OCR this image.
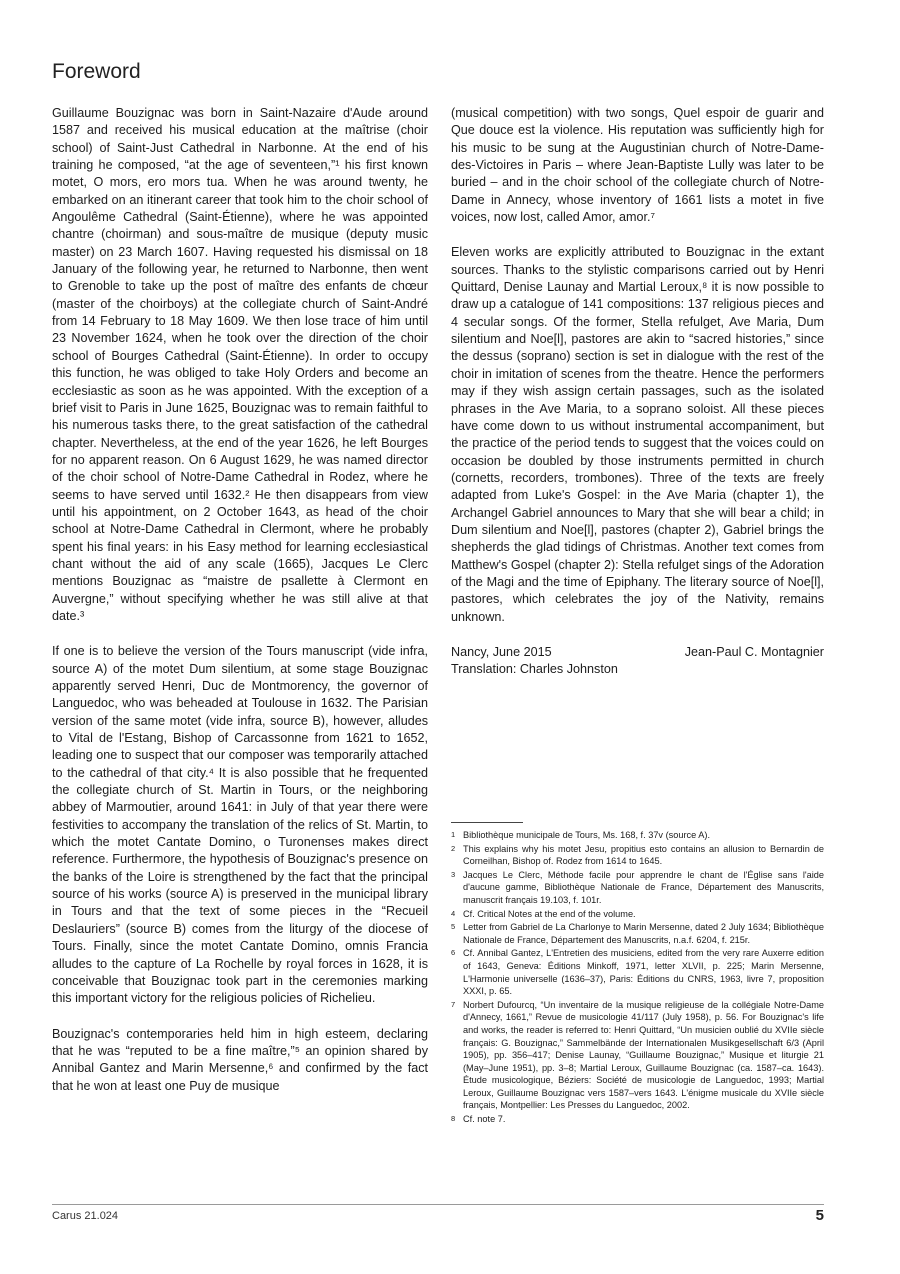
Foreword

Guillaume Bouzignac was born in Saint-Nazaire d'Aude around 1587 and received his musical education at the maîtrise (choir school) of Saint-Just Cathedral in Narbonne. At the end of his training he composed, “at the age of seventeen,”¹ his first known motet, O mors, ero mors tua. When he was around twenty, he embarked on an itinerant career that took him to the choir school of Angoulême Cathedral (Saint-Étienne), where he was appointed chantre (choirman) and sous-maître de musique (deputy music master) on 23 March 1607. Having requested his dismissal on 18 January of the following year, he returned to Narbonne, then went to Grenoble to take up the post of maître des enfants de chœur (master of the choirboys) at the collegiate church of Saint-André from 14 February to 18 May 1609. We then lose trace of him until 23 November 1624, when he took over the direction of the choir school of Bourges Cathedral (Saint-Étienne). In order to occupy this function, he was obliged to take Holy Orders and become an ecclesiastic as soon as he was appointed. With the exception of a brief visit to Paris in June 1625, Bouzignac was to remain faithful to his numerous tasks there, to the great satisfaction of the cathedral chapter. Nevertheless, at the end of the year 1626, he left Bourges for no apparent reason. On 6 August 1629, he was named director of the choir school of Notre-Dame Cathedral in Rodez, where he seems to have served until 1632.² He then disappears from view until his appointment, on 2 October 1643, as head of the choir school at Notre-Dame Cathedral in Clermont, where he probably spent his final years: in his Easy method for learning ecclesiastical chant without the aid of any scale (1665), Jacques Le Clerc mentions Bouzignac as “maistre de psallette à Clermont en Auvergne,” without specifying whether he was still alive at that date.³

If one is to believe the version of the Tours manuscript (vide infra, source A) of the motet Dum silentium, at some stage Bouzignac apparently served Henri, Duc de Montmorency, the governor of Languedoc, who was beheaded at Toulouse in 1632. The Parisian version of the same motet (vide infra, source B), however, alludes to Vital de l'Estang, Bishop of Carcassonne from 1621 to 1652, leading one to suspect that our composer was temporarily attached to the cathedral of that city.⁴ It is also possible that he frequented the collegiate church of St. Martin in Tours, or the neighboring abbey of Marmoutier, around 1641: in July of that year there were festivities to accompany the translation of the relics of St. Martin, to which the motet Cantate Domino, o Turonenses makes direct reference. Furthermore, the hypothesis of Bouzignac's presence on the banks of the Loire is strengthened by the fact that the principal source of his works (source A) is preserved in the municipal library in Tours and that the text of some pieces in the “Recueil Deslauriers” (source B) comes from the liturgy of the diocese of Tours. Finally, since the motet Cantate Domino, omnis Francia alludes to the capture of La Rochelle by royal forces in 1628, it is conceivable that Bouzignac took part in the ceremonies marking this important victory for the religious policies of Richelieu.

Bouzignac's contemporaries held him in high esteem, declaring that he was “reputed to be a fine maître,”⁵ an opinion shared by Annibal Gantez and Marin Mersenne,⁶ and confirmed by the fact that he won at least one Puy de musique

(musical competition) with two songs, Quel espoir de guarir and Que douce est la violence. His reputation was sufficiently high for his music to be sung at the Augustinian church of Notre-Dame-des-Victoires in Paris – where Jean-Baptiste Lully was later to be buried – and in the choir school of the collegiate church of Notre-Dame in Annecy, whose inventory of 1661 lists a motet in five voices, now lost, called Amor, amor.⁷

Eleven works are explicitly attributed to Bouzignac in the extant sources. Thanks to the stylistic comparisons carried out by Henri Quittard, Denise Launay and Martial Leroux,⁸ it is now possible to draw up a catalogue of 141 compositions: 137 religious pieces and 4 secular songs. Of the former, Stella refulget, Ave Maria, Dum silentium and Noe[l], pastores are akin to “sacred histories,” since the dessus (soprano) section is set in dialogue with the rest of the choir in imitation of scenes from the theatre. Hence the performers may if they wish assign certain passages, such as the isolated phrases in the Ave Maria, to a soprano soloist. All these pieces have come down to us without instrumental accompaniment, but the practice of the period tends to suggest that the voices could on occasion be doubled by those instruments permitted in church (cornetts, recorders, trombones). Three of the texts are freely adapted from Luke's Gospel: in the Ave Maria (chapter 1), the Archangel Gabriel announces to Mary that she will bear a child; in Dum silentium and Noe[l], pastores (chapter 2), Gabriel brings the shepherds the glad tidings of Christmas. Another text comes from Matthew's Gospel (chapter 2): Stella refulget sings of the Adoration of the Magi and the time of Epiphany. The literary source of Noe[l], pastores, which celebrates the joy of the Nativity, remains unknown.

Nancy, June 2015	Jean-Paul C. Montagnier
Translation: Charles Johnston
1 Bibliothèque municipale de Tours, Ms. 168, f. 37v (source A).
2 This explains why his motet Jesu, propitius esto contains an allusion to Bernardin de Corneilhan, Bishop of. Rodez from 1614 to 1645.
3 Jacques Le Clerc, Méthode facile pour apprendre le chant de l'Église sans l'aide d'aucune gamme, Bibliothèque Nationale de France, Département des Manuscrits, manuscrit français 19.103, f. 101r.
4 Cf. Critical Notes at the end of the volume.
5 Letter from Gabriel de La Charlonye to Marin Mersenne, dated 2 July 1634; Bibliothèque Nationale de France, Département des Manuscrits, n.a.f. 6204, f. 215r.
6 Cf. Annibal Gantez, L'Entretien des musiciens, edited from the very rare Auxerre edition of 1643, Geneva: Éditions Minkoff, 1971, letter XLVII, p. 225; Marin Mersenne, L'Harmonie universelle (1636–37), Paris: Éditions du CNRS, 1963, livre 7, proposition XXXI, p. 65.
7 Norbert Dufourcq, “Un inventaire de la musique religieuse de la collégiale Notre-Dame d'Annecy, 1661,” Revue de musicologie 41/117 (July 1958), p. 56. For Bouzignac's life and works, the reader is referred to: Henri Quittard, “Un musicien oublié du XVIIe siècle français: G. Bouzignac,” Sammelbände der Internationalen Musikgesellschaft 6/3 (April 1905), pp. 356–417; Denise Launay, “Guillaume Bouzignac,” Musique et liturgie 21 (May–June 1951), pp. 3–8; Martial Leroux, Guillaume Bouzignac (ca. 1587–ca. 1643). Étude musicologique, Béziers: Société de musicologie de Languedoc, 1993; Martial Leroux, Guillaume Bouzignac vers 1587–vers 1643. L'énigme musicale du XVIIe siècle français, Montpellier: Les Presses du Languedoc, 2002.
8 Cf. note 7.
Carus 21.024	5
